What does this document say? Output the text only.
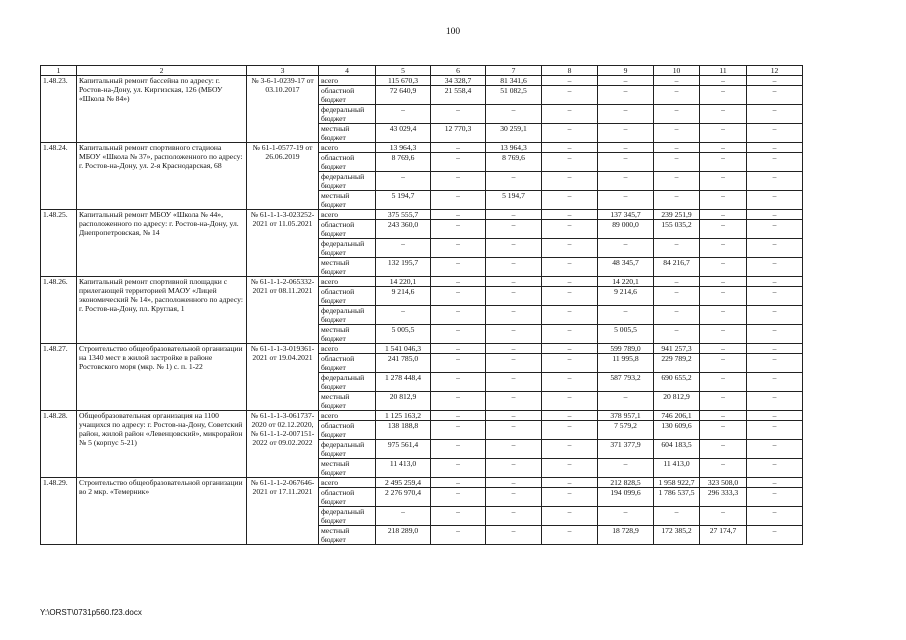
100
1	2	3	4	5	6	7	8	9	10	11	12
1.48.23.	Капитальный ремонт бассейна по адресу: г. Ростов-на-Дону, ул. Киргизская, 126 (МБОУ «Школа № 84»)	№ 3-6-1-0239-17 от 03.10.2017	всего	115 670,3	34 328,7	81 341,6	–	–	–	–	–
			областной бюджет	72 640,9	21 558,4	51 082,5	–	–	–	–	–
			федеральный бюджет	–	–	–	–	–	–	–	–
			местный бюджет	43 029,4	12 770,3	30 259,1	–	–	–	–	–
1.48.24.	Капитальный ремонт спортивного стадиона МБОУ «Школа № 37», расположенного по адресу: г. Ростов-на-Дону, ул. 2-я Краснодарская, 68	№ 61-1-0577-19 от 26.06.2019	всего	13 964,3	–	13 964,3	–	–	–	–	–
			областной бюджет	8 769,6	–	8 769,6	–	–	–	–	–
			федеральный бюджет	–	–	–	–	–	–	–	–
			местный бюджет	5 194,7	–	5 194,7	–	–	–	–	–
1.48.25.	Капитальный ремонт МБОУ «Школа № 44», расположенного по адресу: г. Ростов-на-Дону, ул. Днепропетровская, № 14	№ 61-1-1-3-023252-2021 от 11.05.2021	всего	375 555,7	–	–	–	137 345,7	239 251,9	–	–
			областной бюджет	243 360,0	–	–	–	89 000,0	155 035,2	–	–
			федеральный бюджет	–	–	–	–	–	–	–	–
			местный бюджет	132 195,7	–	–	–	48 345,7	84 216,7	–	–
1.48.26.	Капитальный ремонт спортивной площадки с прилегающей территорией МАОУ «Лицей экономический № 14», расположенного по адресу: г. Ростов-на-Дону, пл. Круглая, 1	№ 61-1-1-2-065332-2021 от 08.11.2021	всего	14 220,1	–	–	–	14 220,1	–	–	–
			областной бюджет	9 214,6	–	–	–	9 214,6	–	–	–
			федеральный бюджет	–	–	–	–	–	–	–	–
			местный бюджет	5 005,5	–	–	–	5 005,5	–	–	–
1.48.27.	Строительство общеобразовательной организации на 1340 мест в жилой застройке в районе Ростовского моря (мкр. № 1) с. п. 1-22	№ 61-1-1-3-019361-2021 от 19.04.2021	всего	1 541 046,3	–	–	–	599 789,0	941 257,3	–	–
			областной бюджет	241 785,0	–	–	–	11 995,8	229 789,2	–	–
			федеральный бюджет	1 278 448,4	–	–	–	587 793,2	690 655,2	–	–
			местный бюджет	20 812,9	–	–	–	–	20 812,9	–	–
1.48.28.	Общеобразовательная организация на 1100 учащихся по адресу: г. Ростов-на-Дону, Советский район, жилой район «Левенцовский», микрорайон № 5 (корпус 5-21)	№ 61-1-1-3-061737-2020 от 02.12.2020, № 61-1-1-2-007151-2022 от 09.02.2022	всего	1 125 163,2	–	–	–	378 957,1	746 206,1	–	–
			областной бюджет	138 188,8	–	–	–	7 579,2	130 609,6	–	–
			федеральный бюджет	975 561,4	–	–	–	371 377,9	604 183,5	–	–
			местный бюджет	11 413,0	–	–	–	–	11 413,0	–	–
1.48.29.	Строительство общеобразовательной организации во 2 мкр. «Темерник»	№ 61-1-1-2-067646-2021 от 17.11.2021	всего	2 495 259,4	–	–	–	212 828,5	1 958 922,7	323 508,0	–
			областной бюджет	2 276 970,4	–	–	–	194 099,6	1 786 537,5	296 333,3	–
			федеральный бюджет	–	–	–	–	–	–	–	–
			местный бюджет	218 289,0	–	–	–	18 728,9	172 385,2	27 174,7	–
Y:\ORST\0731p560.f23.docx
